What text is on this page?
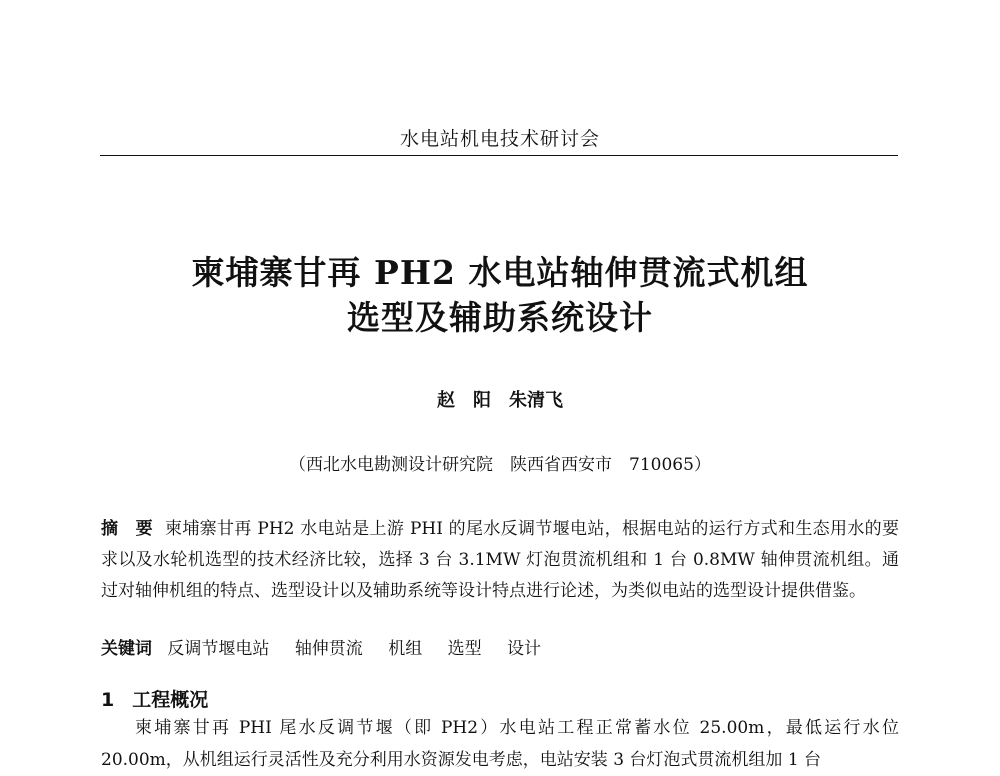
水电站机电技术研讨会
柬埔寨甘再 PH2 水电站轴伸贯流式机组
选型及辅助系统设计
赵　阳　朱清飞
（西北水电勘测设计研究院　陕西省西安市　710065）
摘　要 柬埔寨甘再 PH2 水电站是上游 PHI 的尾水反调节堰电站，根据电站的运行方式和生态用水的要求以及水轮机选型的技术经济比较，选择 3 台 3.1MW 灯泡贯流机组和 1 台 0.8MW 轴伸贯流机组。通过对轴伸机组的特点、选型设计以及辅助系统等设计特点进行论述，为类似电站的选型设计提供借鉴。
关键词 反调节堰电站 轴伸贯流 机组 选型 设计
1 工程概况
柬埔寨甘再 PHI 尾水反调节堰（即 PH2）水电站工程正常蓄水位 25.00m，最低运行水位 20.00m，从机组运行灵活性及充分利用水资源发电考虑，电站安装 3 台灯泡式贯流机组加 1 台
